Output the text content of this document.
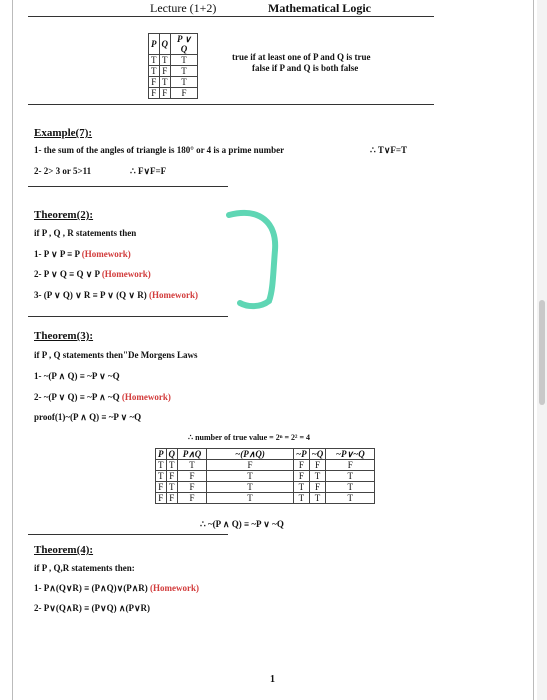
Lecture (1+2)	Mathematical Logic
P	Q	P ∨ Q
T	T	T
T	F	T
F	T	T
F	F	F
true if at least one of P and Q is true
false if P and Q is both false
Example(7):
1- the sum of the angles of triangle is 180° or 4 is a prime number	∴ T∨F=T
2- 2> 3 or 5>11	∴ F∨F=F
Theorem(2):
if P , Q , R statements then
1- P ∨ P ≡ P (Homework)
2- P ∨ Q ≡ Q ∨ P (Homework)
3- (P ∨ Q) ∨ R ≡ P ∨ (Q ∨ R) (Homework)
Theorem(3):
if P , Q statements then"De Morgens Laws
1- ~(P ∧ Q) ≡ ~P ∨ ~Q
2- ~(P ∨ Q) ≡ ~P ∧ ~Q (Homework)
proof(1)~(P ∧ Q) ≡ ~P ∨ ~Q
∴ number of true value = 2ⁿ = 2² = 4
P	Q	P∧Q	~(P∧Q)	~P	~Q	~P∨~Q
T	T	T	F	F	F	F
T	F	F	T	F	T	T
F	T	F	T	T	F	T
F	F	F	T	T	T	T
∴ ~(P ∧ Q) ≡ ~P ∨ ~Q
Theorem(4):
if P , Q,R statements then:
1- P∧(Q∨R) ≡ (P∧Q)∨(P∧R) (Homework)
2- P∨(Q∧R) ≡ (P∨Q) ∧(P∨R)
1
